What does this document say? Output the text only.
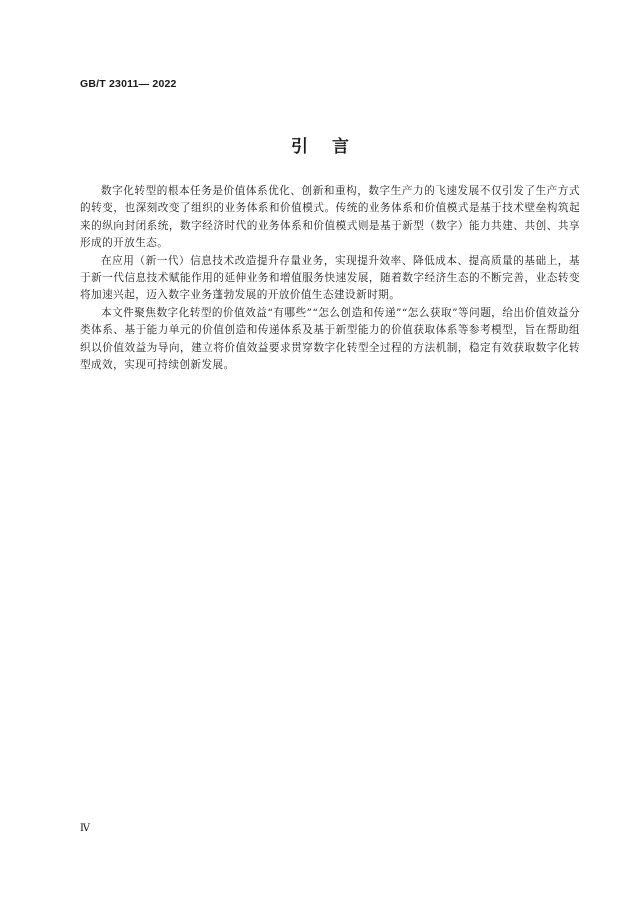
GB/T 23011— 2022
引 言

数字化转型的根本任务是价值体系优化、创新和重构，数字生产力的飞速发展不仅引发了生产方式的转变，也深刻改变了组织的业务体系和价值模式。传统的业务体系和价值模式是基于技术壁垒构筑起来的纵向封闭系统，数字经济时代的业务体系和价值模式则是基于新型（数字）能力共建、共创、共享形成的开放生态。

在应用（新一代）信息技术改造提升存量业务，实现提升效率、降低成本、提高质量的基础上，基于新一代信息技术赋能作用的延伸业务和增值服务快速发展，随着数字经济生态的不断完善，业态转变将加速兴起，迈入数字业务蓬勃发展的开放价值生态建设新时期。

本文件聚焦数字化转型的价值效益“有哪些”“怎么创造和传递”“怎么获取”等问题，给出价值效益分类体系、基于能力单元的价值创造和传递体系及基于新型能力的价值获取体系等参考模型，旨在帮助组织以价值效益为导向，建立将价值效益要求贯穿数字化转型全过程的方法机制，稳定有效获取数字化转型成效，实现可持续创新发展。

Ⅳ
